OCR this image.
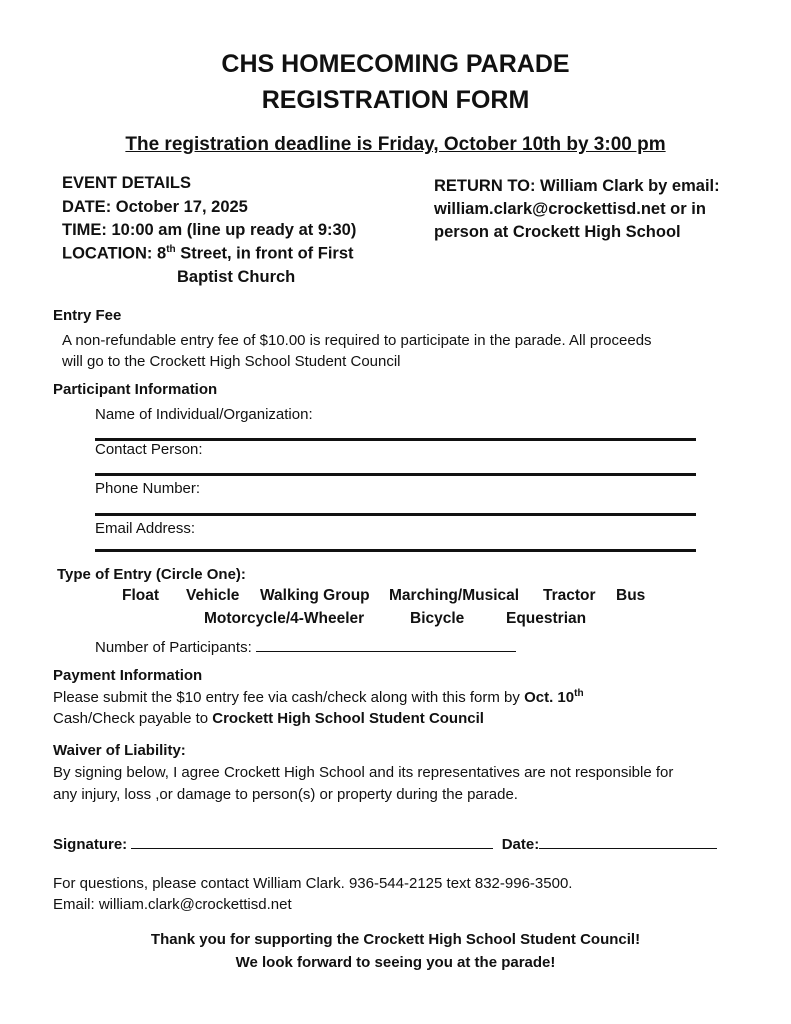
CHS HOMECOMING PARADE
REGISTRATION FORM
The registration deadline is Friday, October 10th by 3:00 pm
EVENT DETAILS
DATE: October 17, 2025
TIME: 10:00 am (line up ready at 9:30)
LOCATION: 8th Street, in front of First
Baptist Church
RETURN TO: William Clark by email:
william.clark@crockettisd.net or in
person at Crockett High School
Entry Fee
A non-refundable entry fee of $10.00 is required to participate in the parade. All proceeds
will go to the Crockett High School Student Council
Participant Information
Name of Individual/Organization:
Contact Person:
Phone Number:
Email Address:
Type of Entry (Circle One):
Float Vehicle Walking Group Marching/Musical Tractor Bus
Motorcycle/4-Wheeler	Bicycle	Equestrian
Number of Participants:
Payment Information
Please submit the $10 entry fee via cash/check along with this form by Oct. 10th
Cash/Check payable to Crockett High School Student Council
Waiver of Liability:
By signing below, I agree Crockett High School and its representatives are not responsible for
any injury, loss ,or damage to person(s) or property during the parade.
Signature:	Date:
For questions, please contact William Clark. 936-544-2125 text 832-996-3500.
Email: william.clark@crockettisd.net
Thank you for supporting the Crockett High School Student Council!
We look forward to seeing you at the parade!
